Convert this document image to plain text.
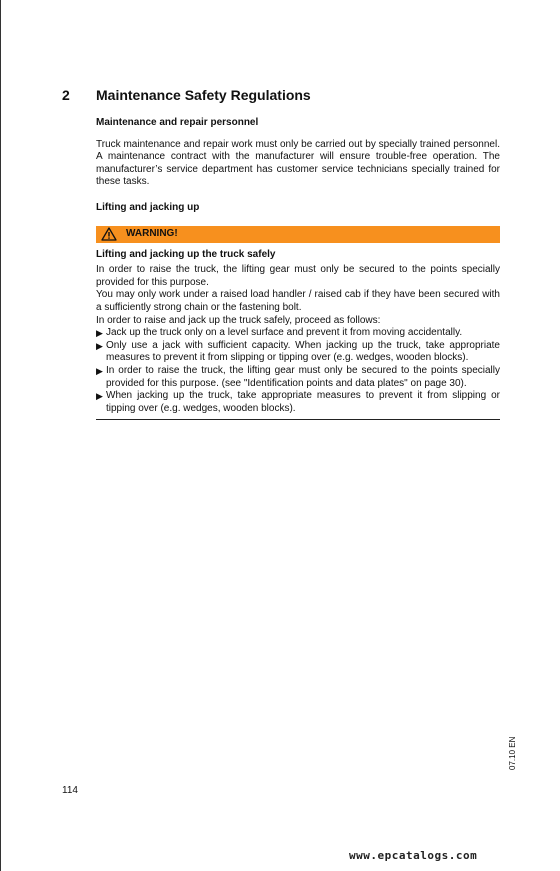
2 Maintenance Safety Regulations
Maintenance and repair personnel

Truck maintenance and repair work must only be carried out by specially trained personnel. A maintenance contract with the manufacturer will ensure trouble-free operation. The manufacturer’s service department has customer service technicians specially trained for these tasks.

Lifting and jacking up
WARNING!
Lifting and jacking up the truck safely

In order to raise the truck, the lifting gear must only be secured to the points specially provided for this purpose.

You may only work under a raised load handler / raised cab if they have been secured with a sufficiently strong chain or the fastening bolt.

In order to raise and jack up the truck safely, proceed as follows:

▶ Jack up the truck only on a level surface and prevent it from moving accidentally.
▶ Only use a jack with sufficient capacity. When jacking up the truck, take appropriate measures to prevent it from slipping or tipping over (e.g. wedges, wooden blocks).
▶ In order to raise the truck, the lifting gear must only be secured to the points specially provided for this purpose. (see "Identification points and data plates" on page 30).
▶ When jacking up the truck, take appropriate measures to prevent it from slipping or tipping over (e.g. wedges, wooden blocks).
114
07.10 EN
www.epcatalogs.com
